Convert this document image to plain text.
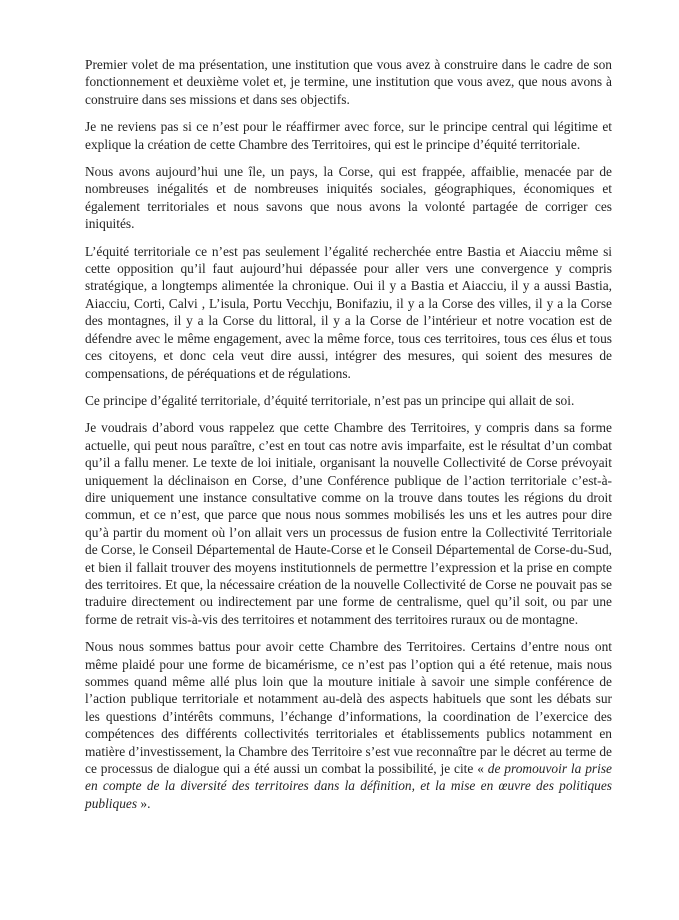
Premier volet de ma présentation, une institution que vous avez à construire dans le cadre de son fonctionnement et deuxième volet et, je termine, une institution que vous avez, que nous avons à construire dans ses missions et dans ses objectifs.

Je ne reviens pas si ce n’est pour le réaffirmer avec force, sur le principe central qui légitime et explique la création de cette Chambre des Territoires, qui est le principe d’équité territoriale.

Nous avons aujourd’hui une île, un pays, la Corse, qui est frappée, affaiblie, menacée par de nombreuses inégalités et de nombreuses iniquités sociales, géographiques, économiques et également territoriales et nous savons que nous avons la volonté partagée de corriger ces iniquités.

L’équité territoriale ce n’est pas seulement l’égalité recherchée entre Bastia et Aiacciu même si cette opposition qu’il faut aujourd’hui dépassée pour aller vers une convergence y compris stratégique, a longtemps alimentée la chronique. Oui il y a Bastia et Aiacciu, il y a aussi Bastia, Aiacciu, Corti, Calvi , L’isula, Portu Vecchju, Bonifaziu, il y a la Corse des villes, il y a la Corse des montagnes, il y a la Corse du littoral, il y a la Corse de l’intérieur et notre vocation est de défendre avec le même engagement, avec la même force, tous ces territoires, tous ces élus et tous ces citoyens, et donc cela veut dire aussi, intégrer des mesures, qui soient des mesures de compensations, de péréquations et de régulations.

Ce principe d’égalité territoriale, d’équité territoriale, n’est pas un principe qui allait de soi.

Je voudrais d’abord vous rappelez que cette Chambre des Territoires, y compris dans sa forme actuelle, qui peut nous paraître, c’est en tout cas notre avis imparfaite, est le résultat d’un combat qu’il a fallu mener. Le texte de loi initiale, organisant la nouvelle Collectivité de Corse prévoyait uniquement la déclinaison en Corse, d’une Conférence publique de l’action territoriale c’est-à-dire uniquement une instance consultative comme on la trouve dans toutes les régions du droit commun, et ce n’est, que parce que nous nous sommes mobilisés les uns et les autres pour dire qu’à partir du moment où l’on allait vers un processus de fusion entre la Collectivité Territoriale de Corse, le Conseil Départemental de Haute-Corse et le Conseil Départemental de Corse-du-Sud, et bien il fallait trouver des moyens institutionnels de permettre l’expression et la prise en compte des territoires. Et que, la nécessaire création de la nouvelle Collectivité de Corse ne pouvait pas se traduire directement ou indirectement par une forme de centralisme, quel qu’il soit, ou par une forme de retrait vis-à-vis des territoires et notamment des territoires ruraux ou de montagne.

Nous nous sommes battus pour avoir cette Chambre des Territoires. Certains d’entre nous ont même plaidé pour une forme de bicamérisme, ce n’est pas l’option qui a été retenue, mais nous sommes quand même allé plus loin que la mouture initiale à savoir une simple conférence de l’action publique territoriale et notamment au-delà des aspects habituels que sont les débats sur les questions d’intérêts communs, l’échange d’informations, la coordination de l’exercice des compétences des différents collectivités territoriales et établissements publics notamment en matière d’investissement, la Chambre des Territoire s’est vue reconnaître par le décret au terme de ce processus de dialogue qui a été aussi un combat la possibilité, je cite « de promouvoir la prise en compte de la diversité des territoires dans la définition, et la mise en œuvre des politiques publiques ».
